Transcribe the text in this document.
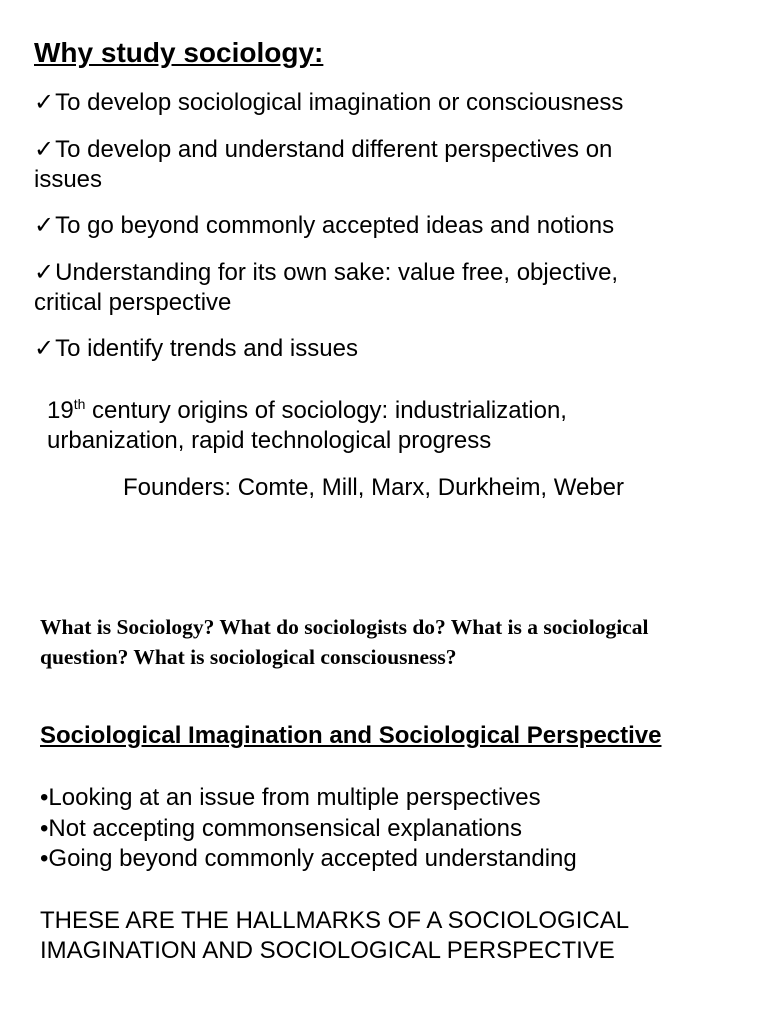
Why study sociology:
✓To develop sociological imagination or consciousness
✓To develop and understand different perspectives on issues
✓To go beyond commonly accepted ideas and notions
✓Understanding for its own sake: value free, objective, critical perspective
✓To identify trends and issues
19th century origins of sociology: industrialization, urbanization, rapid technological progress
Founders: Comte, Mill, Marx, Durkheim, Weber
What is Sociology? What do sociologists do? What is a sociological question? What is sociological consciousness?
Sociological Imagination and Sociological Perspective
•Looking at an issue from multiple perspectives
•Not accepting commonsensical explanations
•Going beyond commonly accepted understanding
THESE ARE THE HALLMARKS OF A SOCIOLOGICAL IMAGINATION AND SOCIOLOGICAL PERSPECTIVE
